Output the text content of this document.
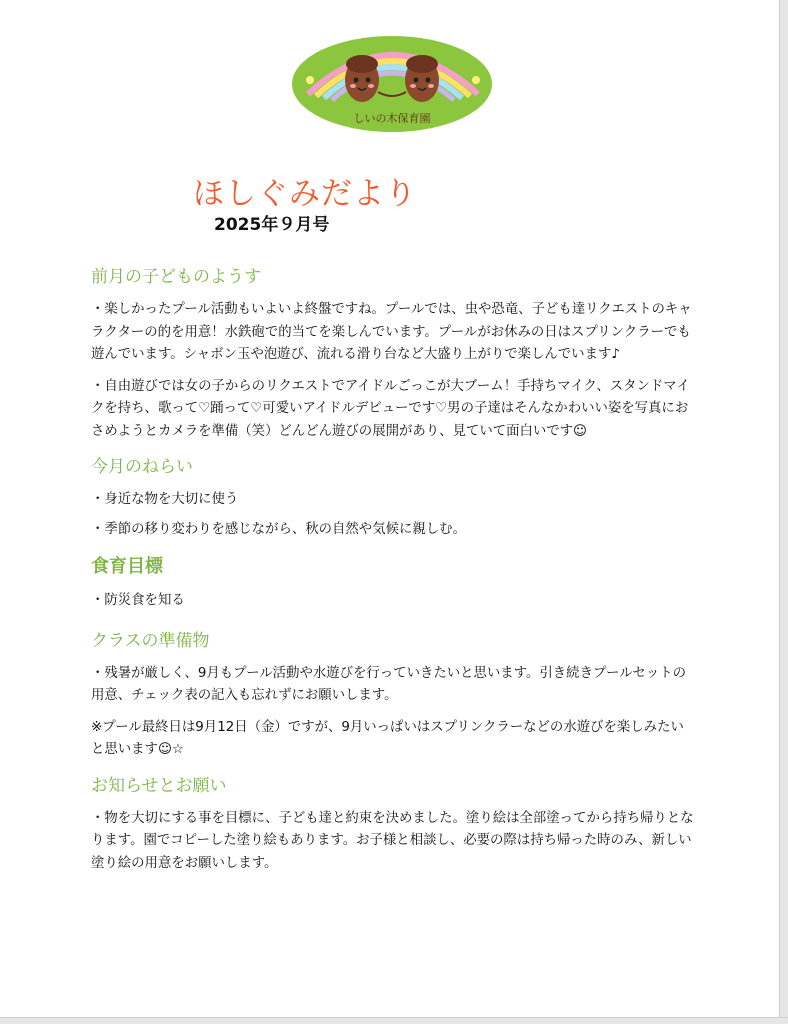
しいの木保育園
ほしぐみだより
2025年９月号
前月の子どものようす

・楽しかったプール活動もいよいよ終盤ですね。プールでは、虫や恐竜、子ども達リクエストのキャラクターの的を用意！水鉄砲で的当てを楽しんでいます。プールがお休みの日はスプリンクラーでも遊んでいます。シャボン玉や泡遊び、流れる滑り台など大盛り上がりで楽しんでいます♪

・自由遊びでは女の子からのリクエストでアイドルごっこが大ブーム！手持ちマイク、スタンドマイクを持ち、歌って♡踊って♡可愛いアイドルデビューです♡男の子達はそんなかわいい姿を写真におさめようとカメラを準備（笑）どんどん遊びの展開があり、見ていて面白いです☺

今月のねらい

・身近な物を大切に使う

・季節の移り変わりを感じながら、秋の自然や気候に親しむ。

食育目標

・防災食を知る

クラスの準備物

・残暑が厳しく、9月もプール活動や水遊びを行っていきたいと思います。引き続きプールセットの用意、チェック表の記入も忘れずにお願いします。

※プール最終日は9月12日（金）ですが、9月いっぱいはスプリンクラーなどの水遊びを楽しみたいと思います☺☆

お知らせとお願い

・物を大切にする事を目標に、子ども達と約束を決めました。塗り絵は全部塗ってから持ち帰りとなります。園でコピーした塗り絵もあります。お子様と相談し、必要の際は持ち帰った時のみ、新しい塗り絵の用意をお願いします。
